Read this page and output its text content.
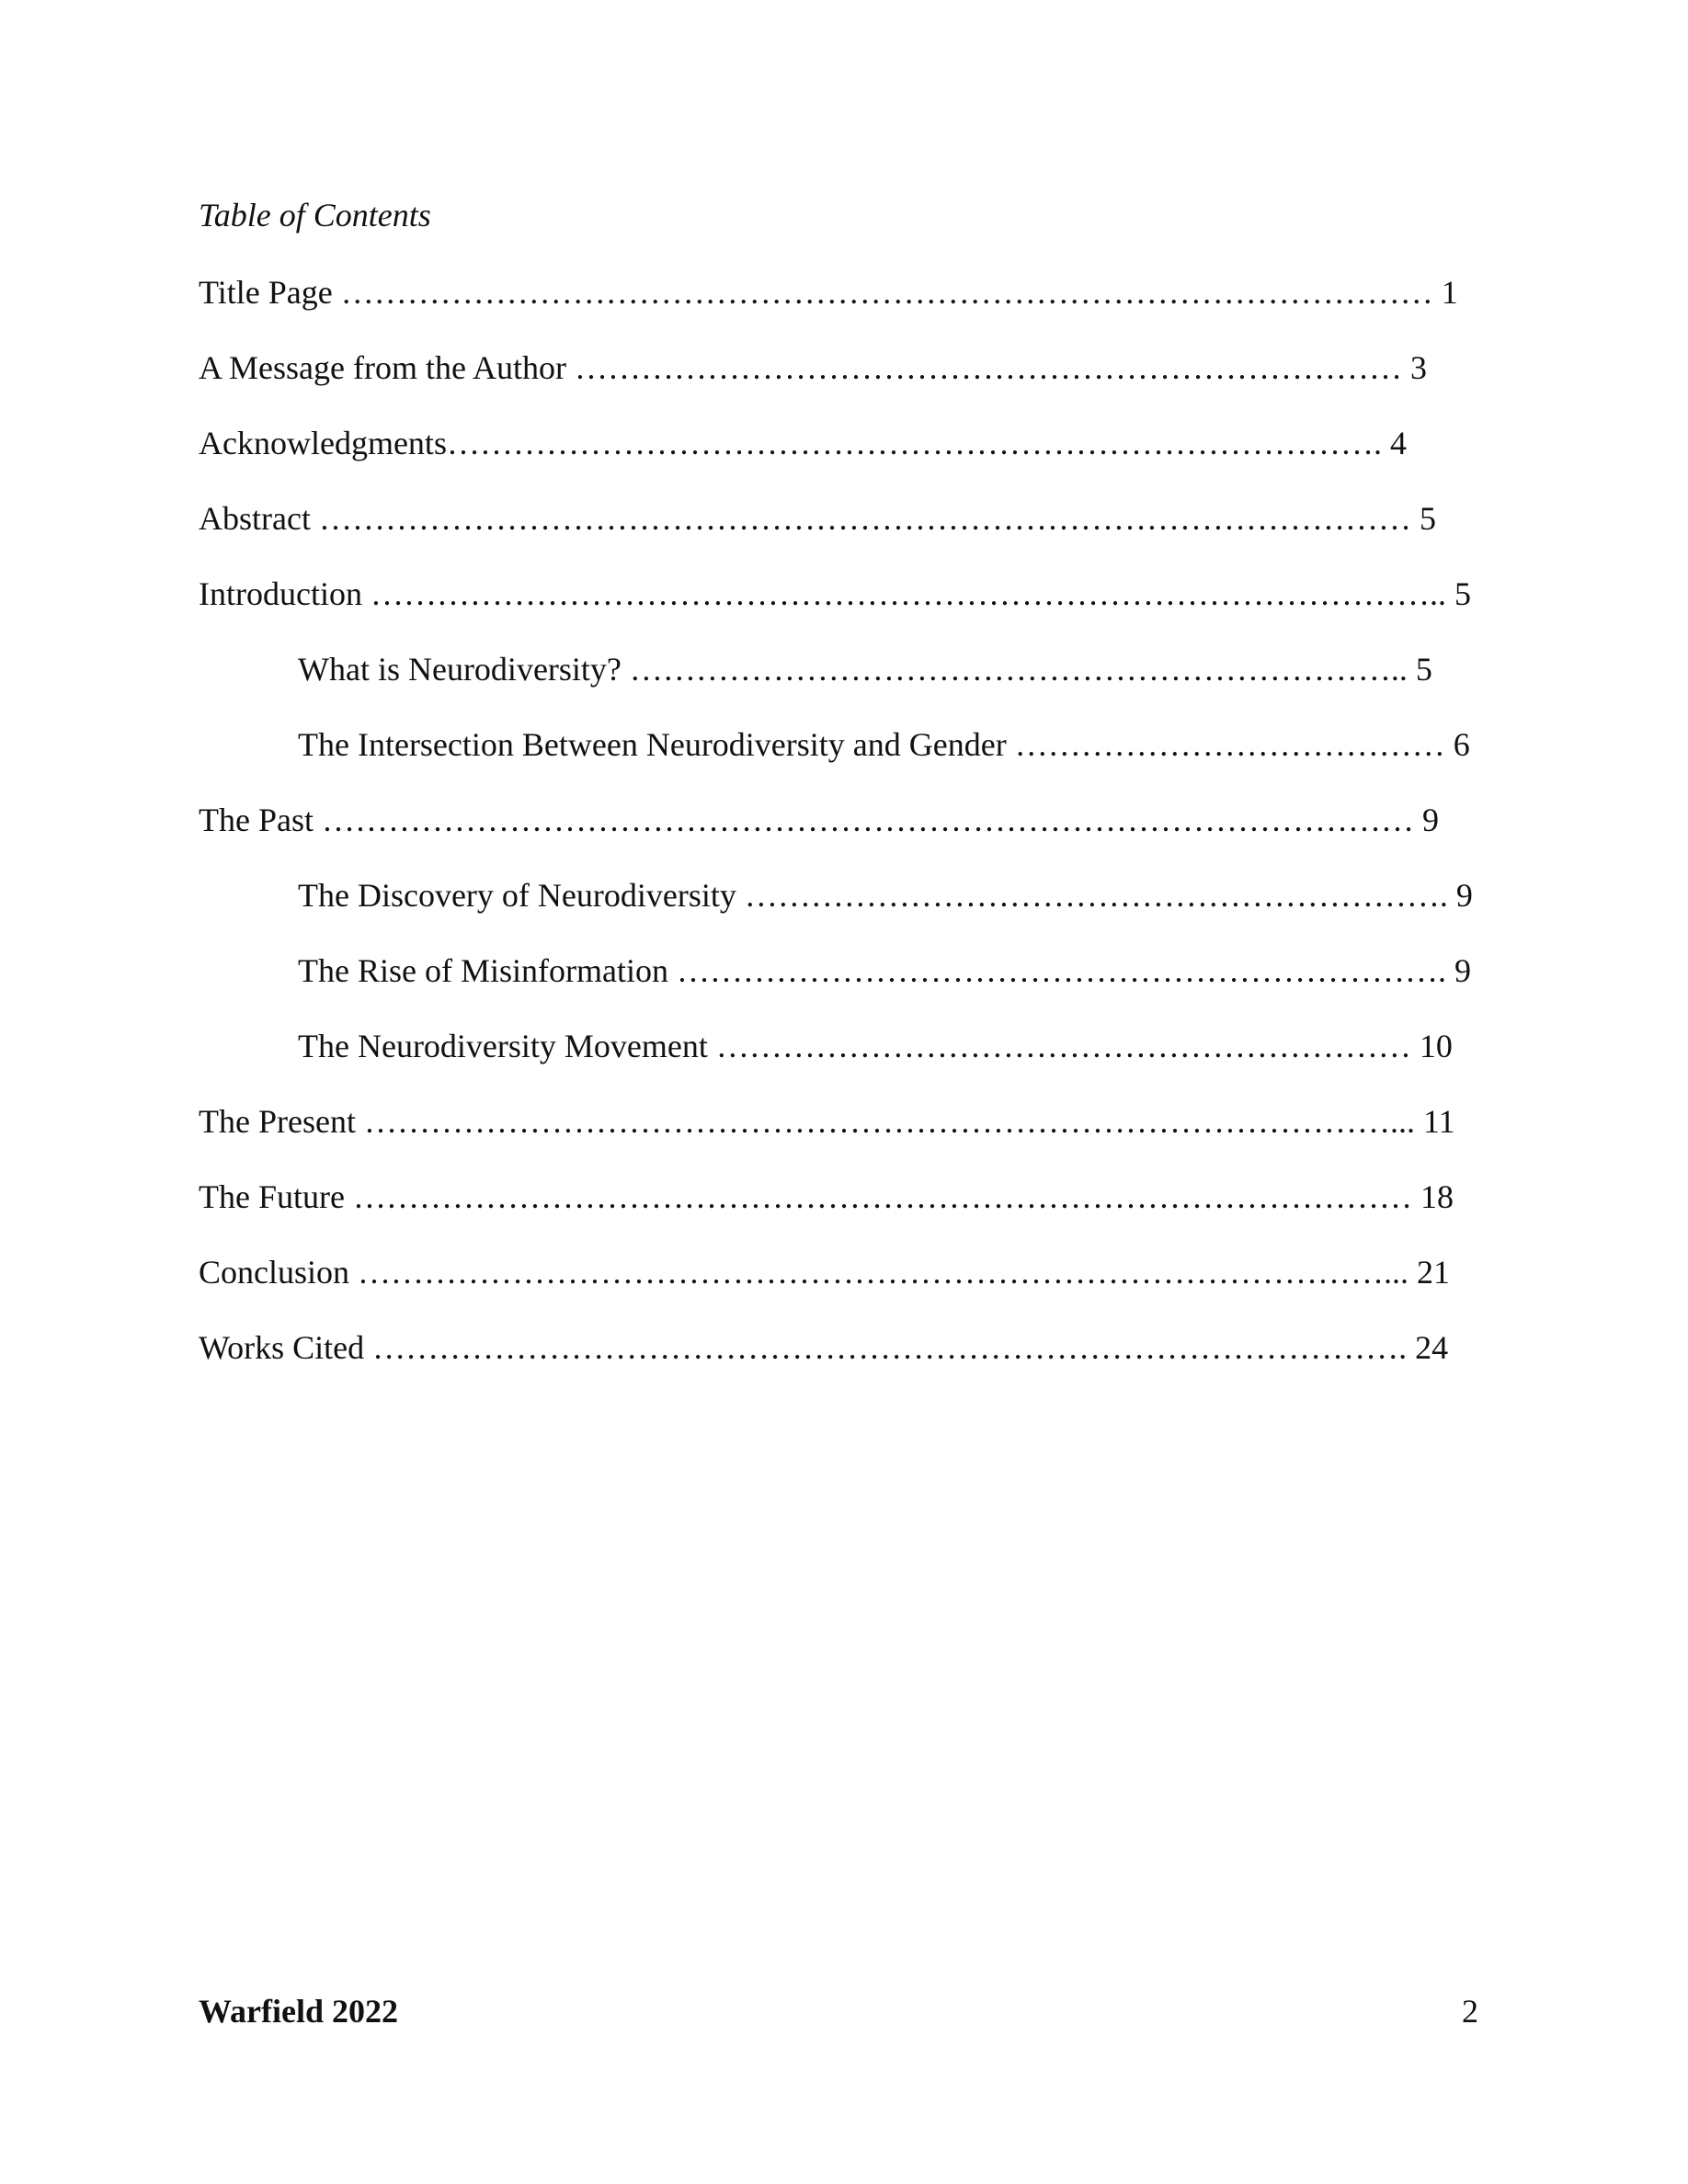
Table of Contents
Title Page ……………………………………………………………………………………… 1
A Message from the Author ………………………………………………………………… 3
Acknowledgments…………………………………………………………………………. 4
Abstract ……………………………………………………………………………………… 5
Introduction …………………………………………………………………………………….. 5
What is Neurodiversity? …………………………………………………………….. 5
The Intersection Between Neurodiversity and Gender ………………………………… 6
The Past ……………………………………………………………………………………… 9
The Discovery of Neurodiversity ………………………………………………………. 9
The Rise of Misinformation ……………………………………………………………. 9
The Neurodiversity Movement ……………………………………………………… 10
The Present …………………………………………………………………………………... 11
The Future …………………………………………………………………………………… 18
Conclusion …………………………………………………………………………………... 21
Works Cited …………………………………………………………………………………. 24
Warfield 2022	2
